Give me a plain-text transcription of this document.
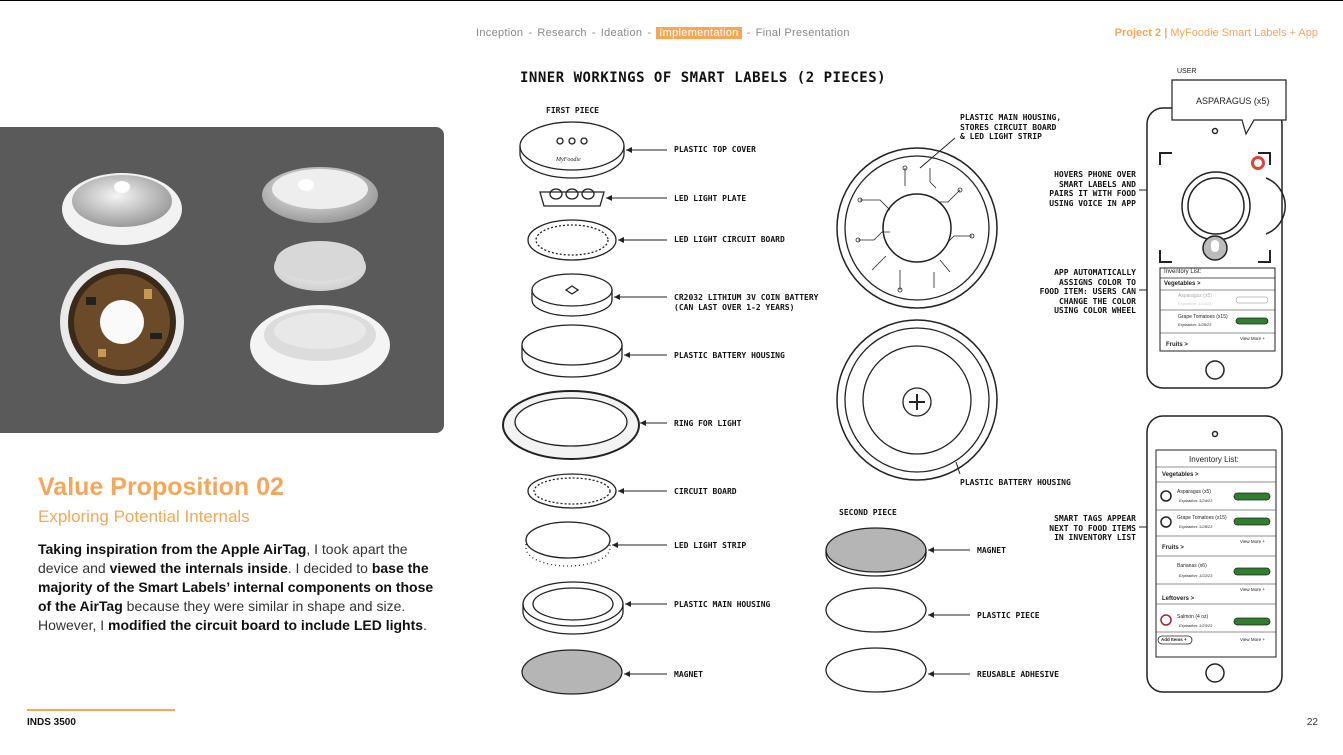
Inception - Research - Ideation - Implementation - Final Presentation	Project 2 | MyFoodie Smart Labels + App
Value Proposition 02
Exploring Potential Internals
Taking inspiration from the Apple AirTag, I took apart the device and viewed the internals inside. I decided to base the majority of the Smart Labels’ internal components on those of the AirTag because they were similar in shape and size. However, I modified the circuit board to include LED lights.
INNER WORKINGS OF SMART LABELS (2 PIECES)
MyFoodie
FIRST PIECE
PLASTIC TOP COVER
LED LIGHT PLATE
LED LIGHT CIRCUIT BOARD
CR2032 LITHIUM 3V COIN BATTERY
(CAN LAST OVER 1-2 YEARS)
PLASTIC BATTERY HOUSING
RING FOR LIGHT
CIRCUIT BOARD
LED LIGHT STRIP
PLASTIC MAIN HOUSING
MAGNET
PLASTIC MAIN HOUSING,
STORES CIRCUIT BOARD
& LED LIGHT STRIP
PLASTIC BATTERY HOUSING
SECOND PIECE
MAGNET
PLASTIC PIECE
REUSABLE ADHESIVE
HOVERS PHONE OVER
SMART LABELS AND
PAIRS IT WITH FOOD
USING VOICE IN APP
APP AUTOMATICALLY
ASSIGNS COLOR TO
FOOD ITEM: USERS CAN
CHANGE THE COLOR
USING COLOR WHEEL
SMART TAGS APPEAR
NEXT TO FOOD ITEMS
IN INVENTORY LIST
USER
ASPARAGUS (x5)
Inventory List:
Vegetables >
Asparagus (x5)
Expiration: 1/24/23
Grape Tomatoes (x15)
Expiration: 1/28/23
View More +
Fruits >
Inventory List:
Vegetables >
Asparagus (x5)
Expiration: 1/24/23
Grape Tomatoes (x15)
Expiration: 1/28/23
View More +
Fruits >
Bananas (x6)
Expiration: 1/22/23
View More +
Leftovers >
Salmon (4 oz)
Expiration: 1/23/23
Add Items +	View More +
INDS 3500	22
